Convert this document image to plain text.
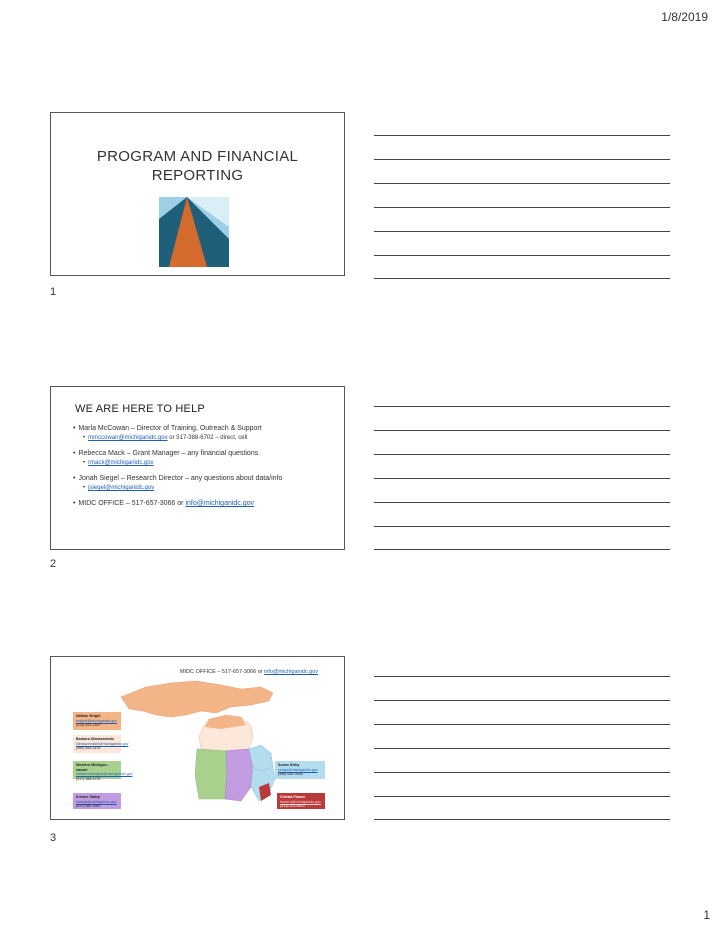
1/8/2019
PROGRAM AND FINANCIAL
REPORTING
1
WE ARE HERE TO HELP
• Marla McCowan – Director of Training, Outreach & Support
• mmccowan@michiganidc.gov or 517-388-6702 – direct, cell
• Rebecca Mack – Grant Manager – any financial questions
• rmack@michiganidc.gov
• Jonah Siegel – Research Director – any questions about data/info
• jsiegel@michiganidc.gov
• MIDC OFFICE – 517-657-3066 or info@michiganidc.gov
2
MIDC OFFICE – 517-657-3066 or info@michiganidc.gov
Nathan Wright
wrightn@michiganidc.gov
(313) 491-2447
Barbara Klimaszewski
klimaszewskib@michiganidc.gov
(989) 553-4192
Western Michigan - vacant
westernmichigan@michiganidc.gov
(517) 388-6702
Kristen Staley
staleyk@michiganidc.gov
(517) 582-3967
Susan Selby
selbys@michiganidc.gov
(586) 648-0546
Christa Flower
flowerc@michiganidc.gov
(313) 203-8903
3
1
